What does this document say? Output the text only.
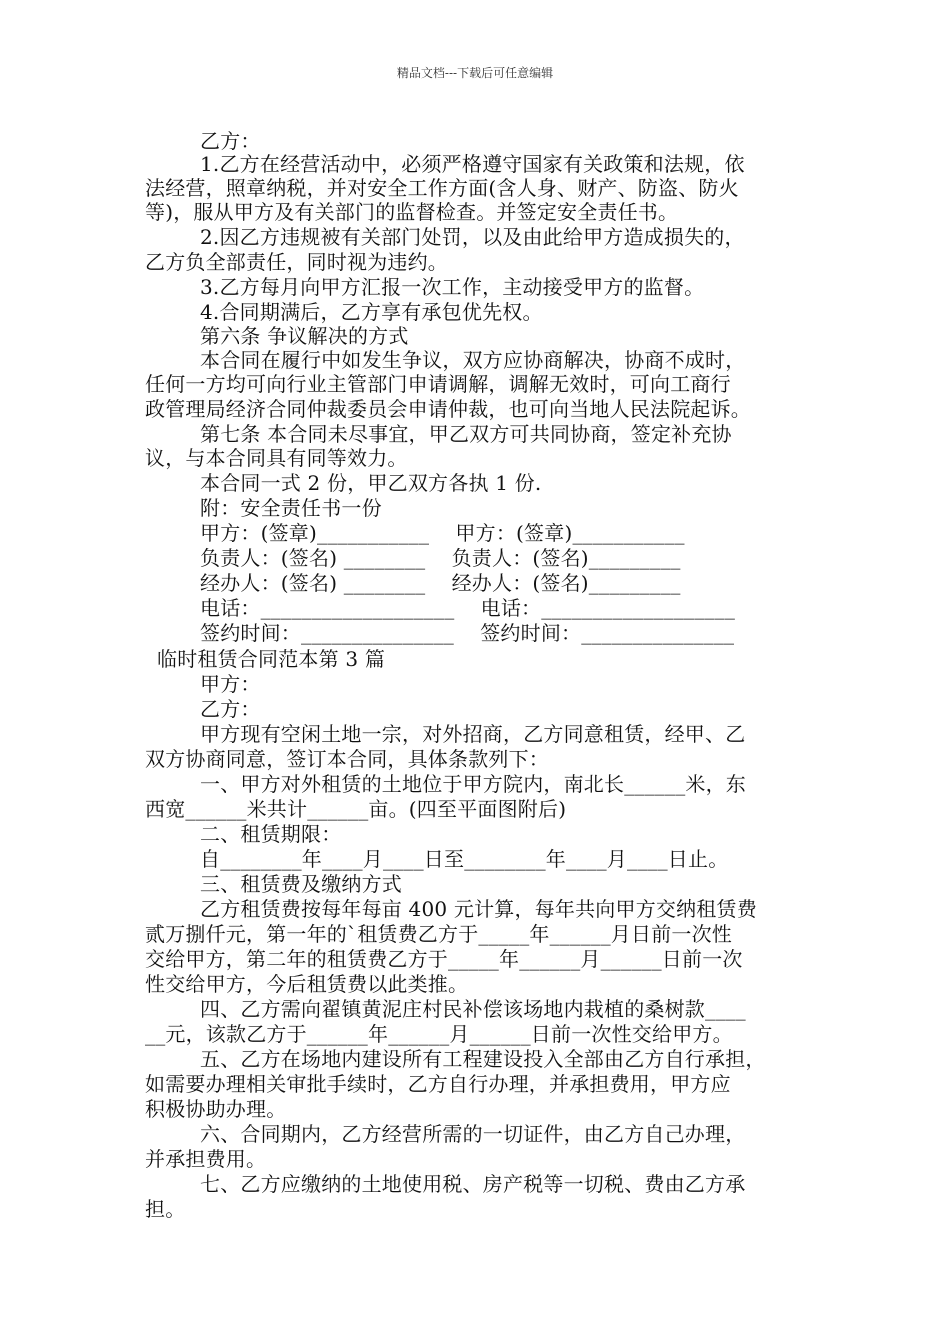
精品文档---下载后可任意编辑
乙方：
1.乙方在经营活动中，必须严格遵守国家有关政策和法规，依
法经营，照章纳税，并对安全工作方面(含人身、财产、防盗、防火
等)，服从甲方及有关部门的监督检查。并签定安全责任书。
2.因乙方违规被有关部门处罚，以及由此给甲方造成损失的，
乙方负全部责任，同时视为违约。
3.乙方每月向甲方汇报一次工作，主动接受甲方的监督。
4.合同期满后，乙方享有承包优先权。
第六条 争议解决的方式
本合同在履行中如发生争议，双方应协商解决，协商不成时，
任何一方均可向行业主管部门申请调解，调解无效时，可向工商行
政管理局经济合同仲裁委员会申请仲裁，也可向当地人民法院起诉。
第七条 本合同未尽事宜，甲乙双方可共同协商，签定补充协
议，与本合同具有同等效力。
本合同一式 2 份，甲乙双方各执 1 份.
附：安全责任书一份
甲方：(签章)___________    甲方：(签章)___________
负责人：(签名) ________    负责人：(签名)_________
经办人：(签名) ________    经办人：(签名)_________
电话：___________________    电话：___________________
签约时间：_______________    签约时间：_______________
临时租赁合同范本第 3 篇
甲方：
乙方：
甲方现有空闲土地一宗，对外招商，乙方同意租赁，经甲、乙
双方协商同意，签订本合同，具体条款列下：
一、甲方对外租赁的土地位于甲方院内，南北长______米，东
西宽______米共计______亩。(四至平面图附后)
二、租赁期限：
自________年____月____日至________年____月____日止。
三、租赁费及缴纳方式
乙方租赁费按每年每亩 400 元计算，每年共向甲方交纳租赁费
贰万捌仟元，第一年的`租赁费乙方于_____年______月日前一次性
交给甲方，第二年的租赁费乙方于_____年______月______日前一次
性交给甲方，今后租赁费以此类推。
四、乙方需向翟镇黄泥庄村民补偿该场地内栽植的桑树款____
__元，该款乙方于______年______月______日前一次性交给甲方。
五、乙方在场地内建设所有工程建设投入全部由乙方自行承担，
如需要办理相关审批手续时，乙方自行办理，并承担费用，甲方应
积极协助办理。
六、合同期内，乙方经营所需的一切证件，由乙方自己办理，
并承担费用。
七、乙方应缴纳的土地使用税、房产税等一切税、费由乙方承
担。
